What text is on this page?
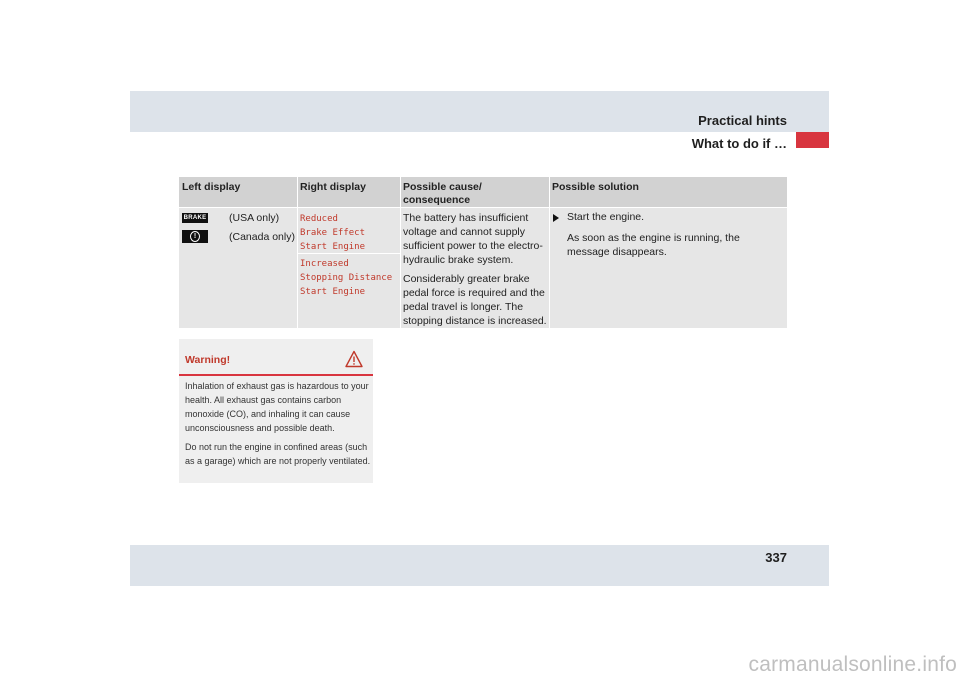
Practical hints
What to do if …
Left display
BRAKE (USA only)
!	(Canada only)
Right display
Reduced
Brake Effect
Start Engine
Increased
Stopping Distance
Start Engine
Possible cause/ consequence

The battery has insufficient voltage and cannot supply sufficient power to the electro-hydraulic brake system.

Considerably greater brake pedal force is required and the pedal travel is longer. The stopping distance is increased.

Possible solution
Start the engine.
As soon as the engine is running, the message disappears.
Warning!

Inhalation of exhaust gas is hazardous to your health. All exhaust gas contains carbon monoxide (CO), and inhaling it can cause unconsciousness and possible death.

Do not run the engine in confined areas (such as a garage) which are not properly ventilated.

337
carmanualsonline.info
